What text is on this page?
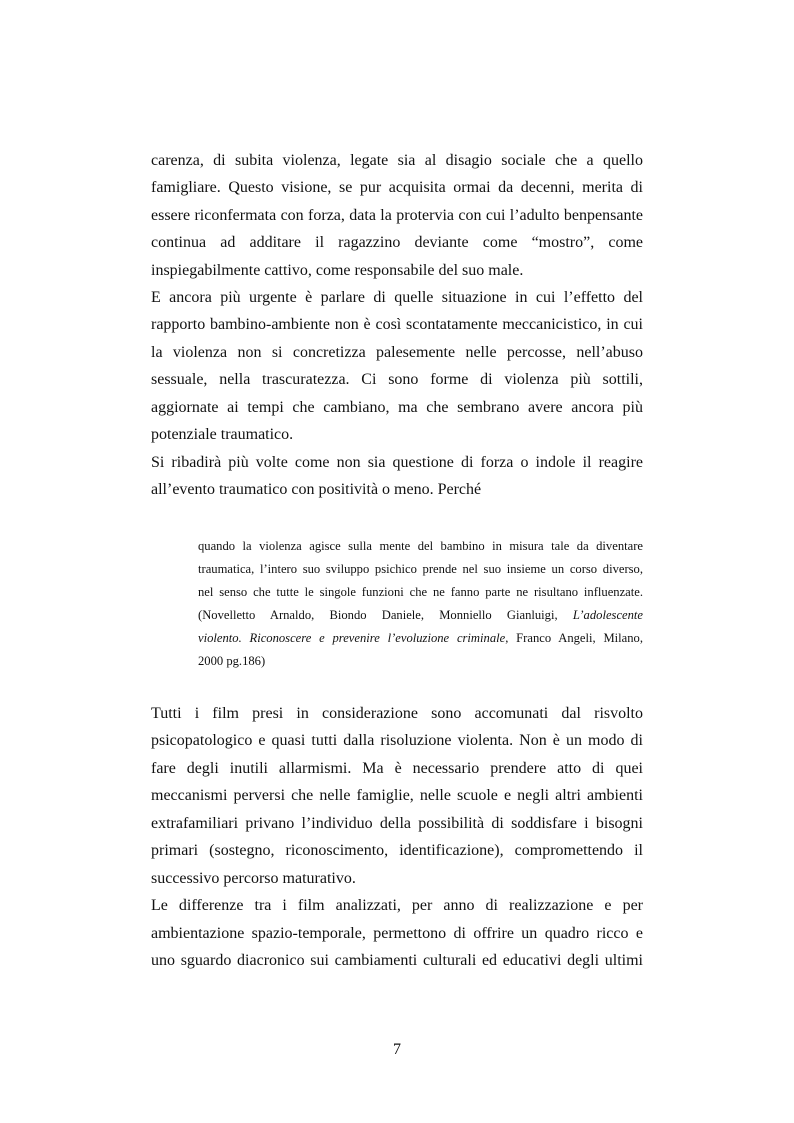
carenza, di subita violenza, legate sia al disagio sociale che a quello
famigliare. Questo visione, se pur acquisita ormai da decenni, merita di
essere riconfermata con forza, data la protervia con cui l’adulto benpensante
continua ad additare il ragazzino deviante come “mostro”, come
inspiegabilmente cattivo, come responsabile del suo male.
E ancora più urgente è parlare di quelle situazione in cui l’effetto del
rapporto bambino-ambiente non è così scontatamente meccanicistico, in cui
la violenza non si concretizza palesemente nelle percosse, nell’abuso
sessuale, nella trascuratezza. Ci sono forme di violenza più sottili,
aggiornate ai tempi che cambiano, ma che sembrano avere ancora più
potenziale traumatico.
Si ribadirà più volte come non sia questione di forza o indole il reagire
all’evento traumatico con positività o meno. Perché
quando la violenza agisce sulla mente del bambino in misura tale da diventare
traumatica, l’intero suo sviluppo psichico prende nel suo insieme un corso diverso,
nel senso che tutte le singole funzioni che ne fanno parte ne risultano influenzate.
(Novelletto Arnaldo, Biondo Daniele, Monniello Gianluigi, L’adolescente
violento. Riconoscere e prevenire l’evoluzione criminale, Franco Angeli, Milano,
2000 pg.186)
Tutti i film presi in considerazione sono accomunati dal risvolto
psicopatologico e quasi tutti dalla risoluzione violenta. Non è un modo di
fare degli inutili allarmismi. Ma è necessario prendere atto di quei
meccanismi perversi che nelle famiglie, nelle scuole e negli altri ambienti
extrafamiliari privano l’individuo della possibilità di soddisfare i bisogni
primari (sostegno, riconoscimento, identificazione), compromettendo il
successivo percorso maturativo.
Le differenze tra i film analizzati, per anno di realizzazione e per
ambientazione spazio-temporale, permettono di offrire un quadro ricco e
uno sguardo diacronico sui cambiamenti culturali ed educativi degli ultimi
7
